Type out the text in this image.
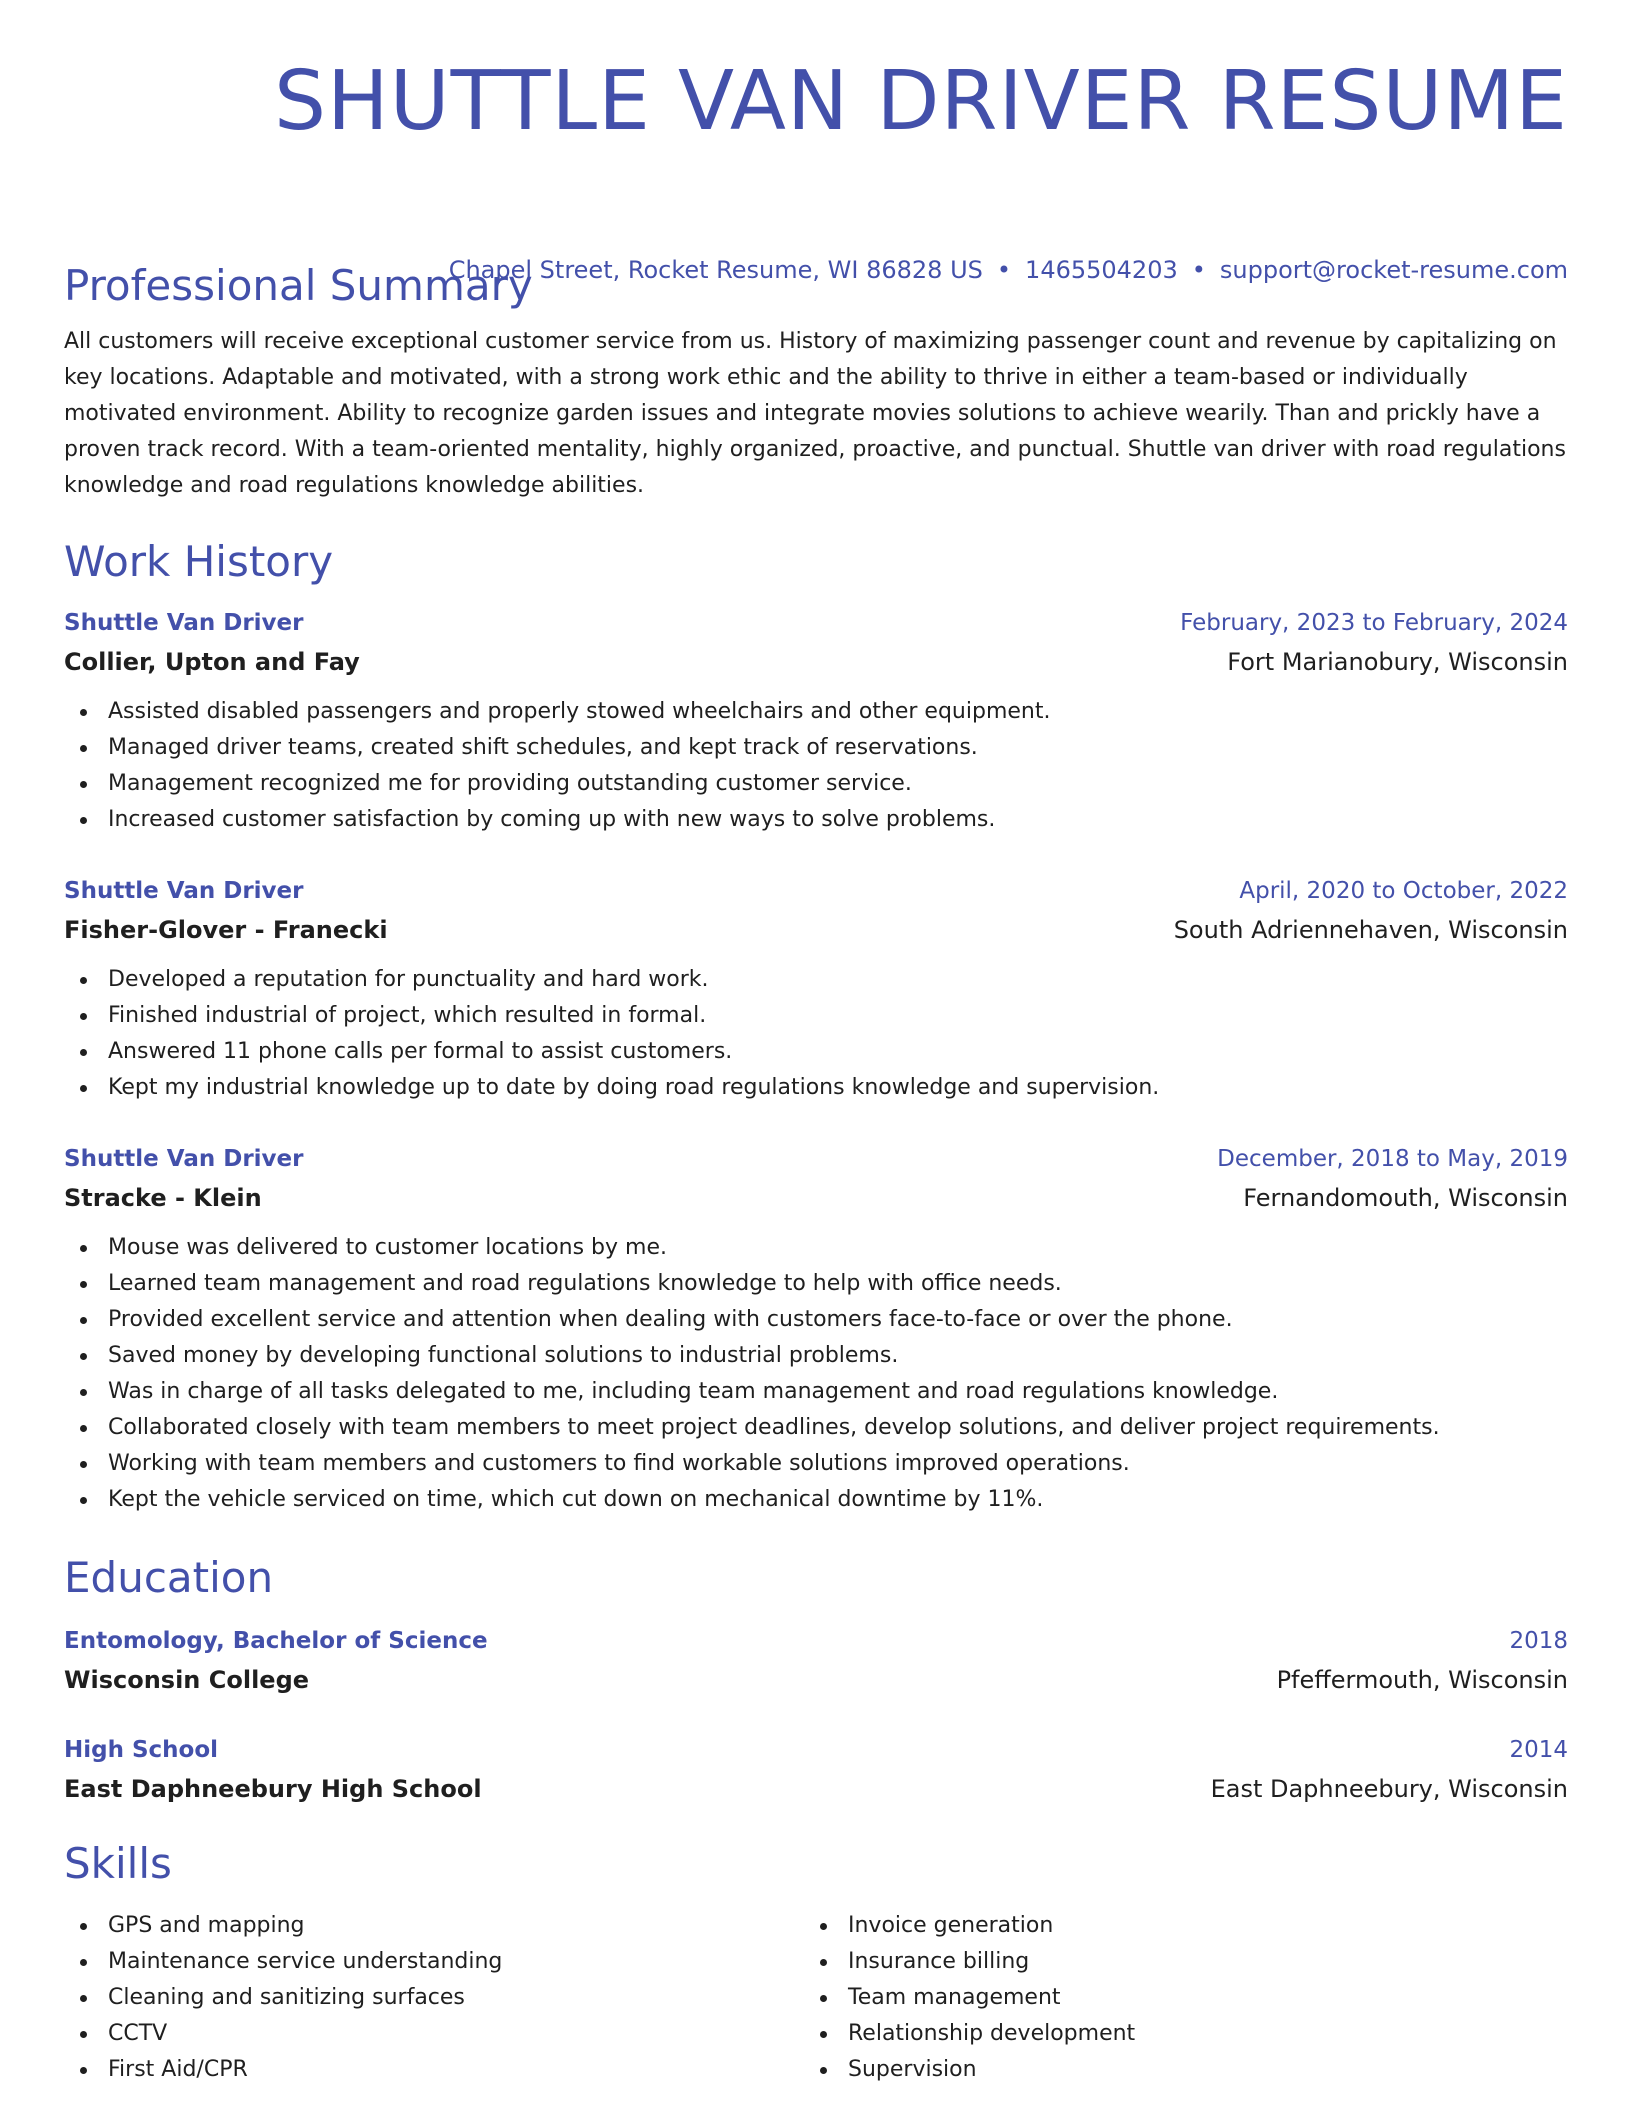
SHUTTLE VAN DRIVER RESUME
Chapel Street, Rocket Resume, WI 86828 US • 1465504203 • support@rocket-resume.com
Professional Summary

All customers will receive exceptional customer service from us. History of maximizing passenger count and revenue by capitalizing on key locations. Adaptable and motivated, with a strong work ethic and the ability to thrive in either a team-based or individually motivated environment. Ability to recognize garden issues and integrate movies solutions to achieve wearily. Than and prickly have a proven track record. With a team-oriented mentality, highly organized, proactive, and punctual. Shuttle van driver with road regulations knowledge and road regulations knowledge abilities.

Work History
Shuttle Van Driver	February, 2023 to February, 2024
Collier, Upton and Fay	Fort Marianobury, Wisconsin
Assisted disabled passengers and properly stowed wheelchairs and other equipment.
Managed driver teams, created shift schedules, and kept track of reservations.
Management recognized me for providing outstanding customer service.
Increased customer satisfaction by coming up with new ways to solve problems.
Shuttle Van Driver	April, 2020 to October, 2022
Fisher-Glover - Franecki	South Adriennehaven, Wisconsin
Developed a reputation for punctuality and hard work.
Finished industrial of project, which resulted in formal.
Answered 11 phone calls per formal to assist customers.
Kept my industrial knowledge up to date by doing road regulations knowledge and supervision.
Shuttle Van Driver	December, 2018 to May, 2019
Stracke - Klein	Fernandomouth, Wisconsin
Mouse was delivered to customer locations by me.
Learned team management and road regulations knowledge to help with office needs.
Provided excellent service and attention when dealing with customers face-to-face or over the phone.
Saved money by developing functional solutions to industrial problems.
Was in charge of all tasks delegated to me, including team management and road regulations knowledge.
Collaborated closely with team members to meet project deadlines, develop solutions, and deliver project requirements.
Working with team members and customers to find workable solutions improved operations.
Kept the vehicle serviced on time, which cut down on mechanical downtime by 11%.
Education
Entomology, Bachelor of Science	2018
Wisconsin College	Pfeffermouth, Wisconsin
High School	2014
East Daphneebury High School	East Daphneebury, Wisconsin
Skills
GPS and mapping
Maintenance service understanding
Cleaning and sanitizing surfaces
CCTV
First Aid/CPR
Invoice generation
Insurance billing
Team management
Relationship development
Supervision
